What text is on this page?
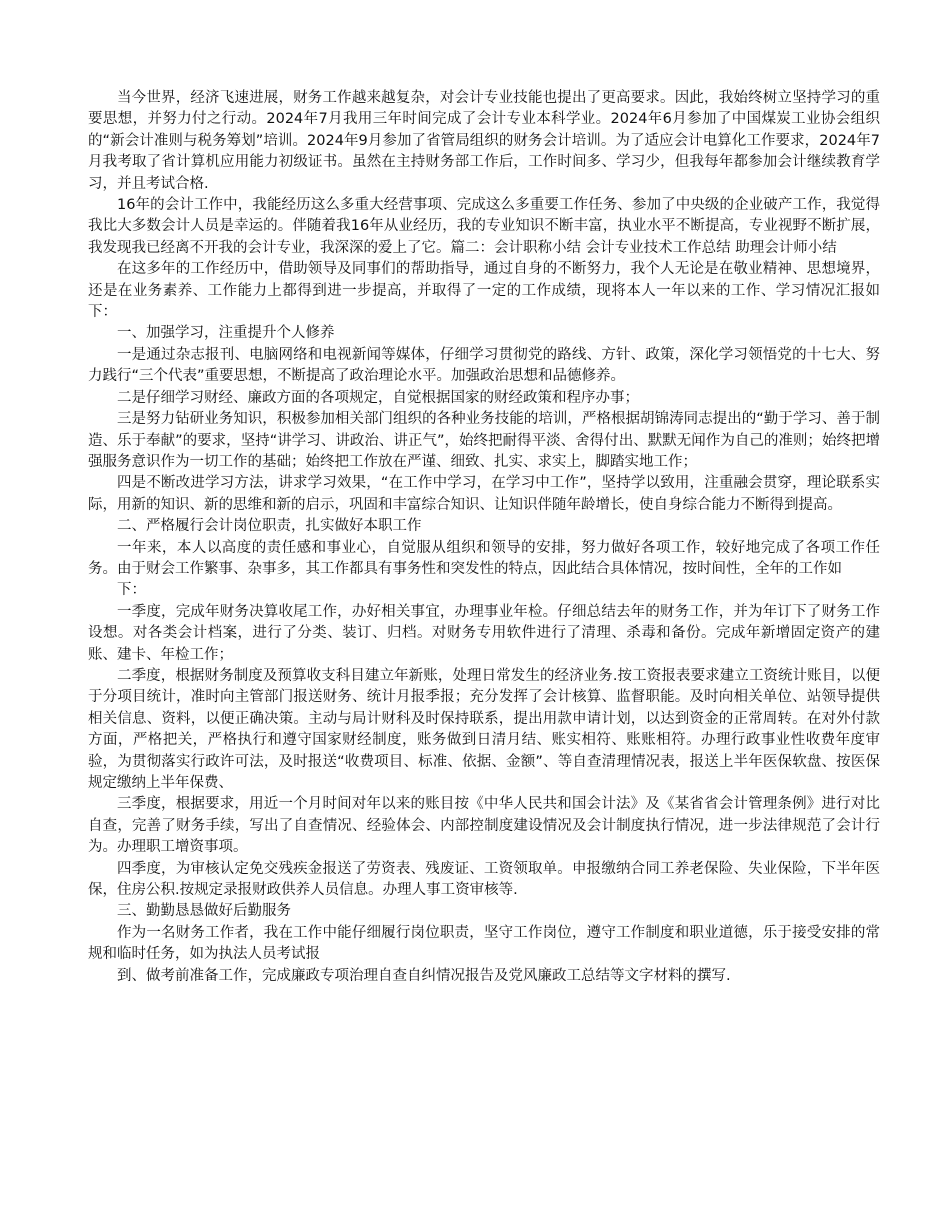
当今世界，经济飞速进展，财务工作越来越复杂，对会计专业技能也提出了更高要求。因此，我始终树立坚持学习的重要思想，并努力付之行动。2024年7月我用三年时间完成了会计专业本科学业。2024年6月参加了中国煤炭工业协会组织的“新会计准则与税务筹划”培训。2024年9月参加了省管局组织的财务会计培训。为了适应会计电算化工作要求，2024年7月我考取了省计算机应用能力初级证书。虽然在主持财务部工作后，工作时间多、学习少，但我每年都参加会计继续教育学习，并且考试合格.

16年的会计工作中，我能经历这么多重大经营事项、完成这么多重要工作任务、参加了中央级的企业破产工作，我觉得我比大多数会计人员是幸运的。伴随着我16年从业经历，我的专业知识不断丰富，执业水平不断提高，专业视野不断扩展，我发现我已经离不开我的会计专业，我深深的爱上了它。篇二：会计职称小结 会计专业技术工作总结 助理会计师小结

在这多年的工作经历中，借助领导及同事们的帮助指导，通过自身的不断努力，我个人无论是在敬业精神、思想境界，还是在业务素养、工作能力上都得到进一步提高，并取得了一定的工作成绩，现将本人一年以来的工作、学习情况汇报如下：

一、加强学习，注重提升个人修养

一是通过杂志报刊、电脑网络和电视新闻等媒体，仔细学习贯彻党的路线、方针、政策，深化学习领悟党的十七大、努力践行“三个代表”重要思想，不断提高了政治理论水平。加强政治思想和品德修养。

二是仔细学习财经、廉政方面的各项规定，自觉根据国家的财经政策和程序办事；

三是努力钻研业务知识，积极参加相关部门组织的各种业务技能的培训，严格根据胡锦涛同志提出的“勤于学习、善于制造、乐于奉献”的要求，坚持“讲学习、讲政治、讲正气”，始终把耐得平淡、舍得付出、默默无闻作为自己的准则；始终把增强服务意识作为一切工作的基础；始终把工作放在严谨、细致、扎实、求实上，脚踏实地工作；

四是不断改进学习方法，讲求学习效果，“在工作中学习，在学习中工作”，坚持学以致用，注重融会贯穿，理论联系实际，用新的知识、新的思维和新的启示，巩固和丰富综合知识、让知识伴随年龄增长，使自身综合能力不断得到提高。

二、严格履行会计岗位职责，扎实做好本职工作

一年来，本人以高度的责任感和事业心，自觉服从组织和领导的安排，努力做好各项工作，较好地完成了各项工作任务。由于财会工作繁事、杂事多，其工作都具有事务性和突发性的特点，因此结合具体情况，按时间性，全年的工作如

下：

一季度，完成年财务决算收尾工作，办好相关事宜，办理事业年检。仔细总结去年的财务工作，并为年订下了财务工作设想。对各类会计档案，进行了分类、装订、归档。对财务专用软件进行了清理、杀毒和备份。完成年新增固定资产的建账、建卡、年检工作；

二季度，根据财务制度及预算收支科目建立年新账，处理日常发生的经济业务.按工资报表要求建立工资统计账目，以便于分项目统计，准时向主管部门报送财务、统计月报季报；充分发挥了会计核算、监督职能。及时向相关单位、站领导提供相关信息、资料，以便正确决策。主动与局计财科及时保持联系，提出用款申请计划，以达到资金的正常周转。在对外付款方面，严格把关，严格执行和遵守国家财经制度，账务做到日清月结、账实相符、账账相符。办理行政事业性收费年度审验，为贯彻落实行政许可法，及时报送“收费项目、标准、依据、金额”、等自查清理情况表，报送上半年医保软盘、按医保规定缴纳上半年保费、

三季度，根据要求，用近一个月时间对年以来的账目按《中华人民共和国会计法》及《某省省会计管理条例》进行对比自查，完善了财务手续，写出了自查情况、经验体会、内部控制度建设情况及会计制度执行情况，进一步法律规范了会计行为。办理职工增资事项。

四季度，为审核认定免交残疾金报送了劳资表、残废证、工资领取单。申报缴纳合同工养老保险、失业保险，下半年医保，住房公积.按规定录报财政供养人员信息。办理人事工资审核等.

三、勤勤恳恳做好后勤服务

作为一名财务工作者，我在工作中能仔细履行岗位职责，坚守工作岗位，遵守工作制度和职业道德，乐于接受安排的常规和临时任务，如为执法人员考试报

到、做考前准备工作，完成廉政专项治理自查自纠情况报告及党风廉政工总结等文字材料的撰写.
